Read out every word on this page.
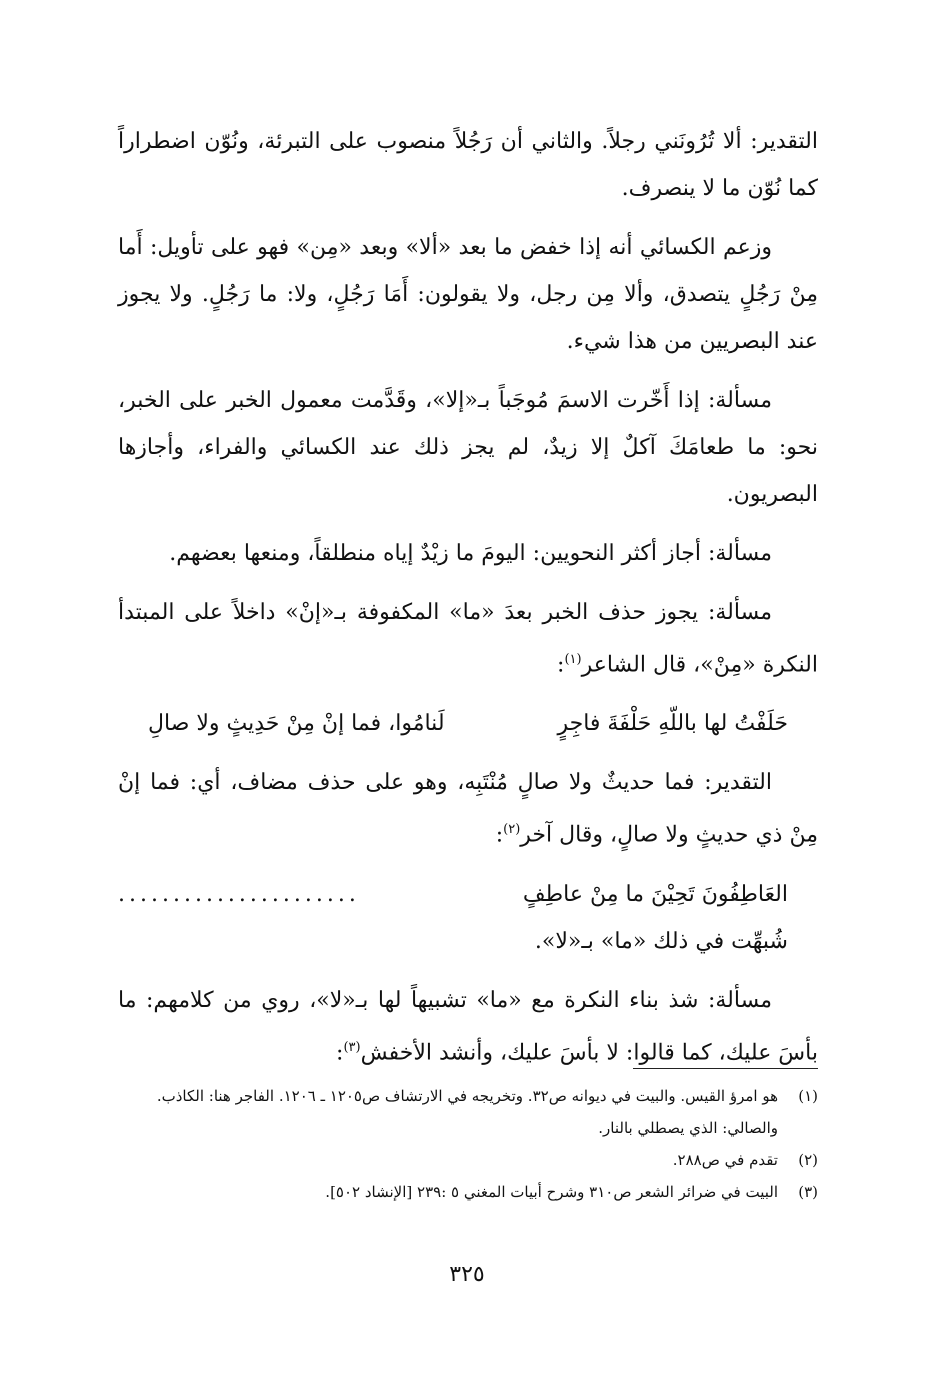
التقدير: ألا تُرُونَني رجلاً. والثاني أن رَجُلاً منصوب على التبرئة، ونُوّن اضطراراً كما نُوّن ما لا ينصرف.

وزعم الكسائي أنه إذا خفض ما بعد «ألا» وبعد «مِن» فهو على تأويل: أَما مِنْ رَجُلٍ يتصدق، وألا مِن رجل، ولا يقولون: أَمَا رَجُلٍ، ولا: ما رَجُلٍ. ولا يجوز عند البصريين من هذا شيء.

مسألة: إذا أَخّرت الاسمَ مُوجَباً بـ«إلا»، وقَدَّمت معمول الخبر على الخبر، نحو: ما طعامَكَ آكلٌ إلا زيدٌ، لم يجز ذلك عند الكسائي والفراء، وأجازها البصريون.

مسألة: أجاز أكثر النحويين: اليومَ ما زيْدٌ إياه منطلقاً، ومنعها بعضهم.

مسألة: يجوز حذف الخبر بعدَ «ما» المكفوفة بـ«إنْ» داخلاً على المبتدأ النكرة «مِنْ»، قال الشاعر$^{(١)}$:

حَلَفْتُ لها باللّهِ حَلْفَةَ فاجِرٍ
لَنامُوا، فما إنْ مِنْ حَدِيثٍ ولا صالِ

التقدير: فما حديثٌ ولا صالٍ مُنْتَبِه، وهو على حذف مضاف، أي: فما إنْ مِنْ ذي حديثٍ ولا صالٍ، وقال آخر$^{(٢)}$:

العَاطِفُونَ تَحِيْنَ ما مِنْ عاطِفٍ
......................
شُبهِّت في ذلك «ما» بـ«لا».

مسألة: شذ بناء النكرة مع «ما» تشبيهاً لها بـ«لا»، روي من كلامهم: ما بأسَ عليك، كما قالوا: لا بأسَ عليك، وأنشد الأخفش$^{(٣)}$:

(١)
هو امرؤ القيس. والبيت في ديوانه ص٣٢. وتخريجه في الارتشاف ص١٢٠٥ ـ ١٢٠٦. الفاجر هنا: الكاذب. والصالي: الذي يصطلي بالنار.
(٢)
تقدم في ص٢٨٨.
(٣)
البيت في ضرائر الشعر ص٣١٠ وشرح أبيات المغني ٥ :٢٣٩ [الإنشاد ٥٠٢].
٣٢٥
